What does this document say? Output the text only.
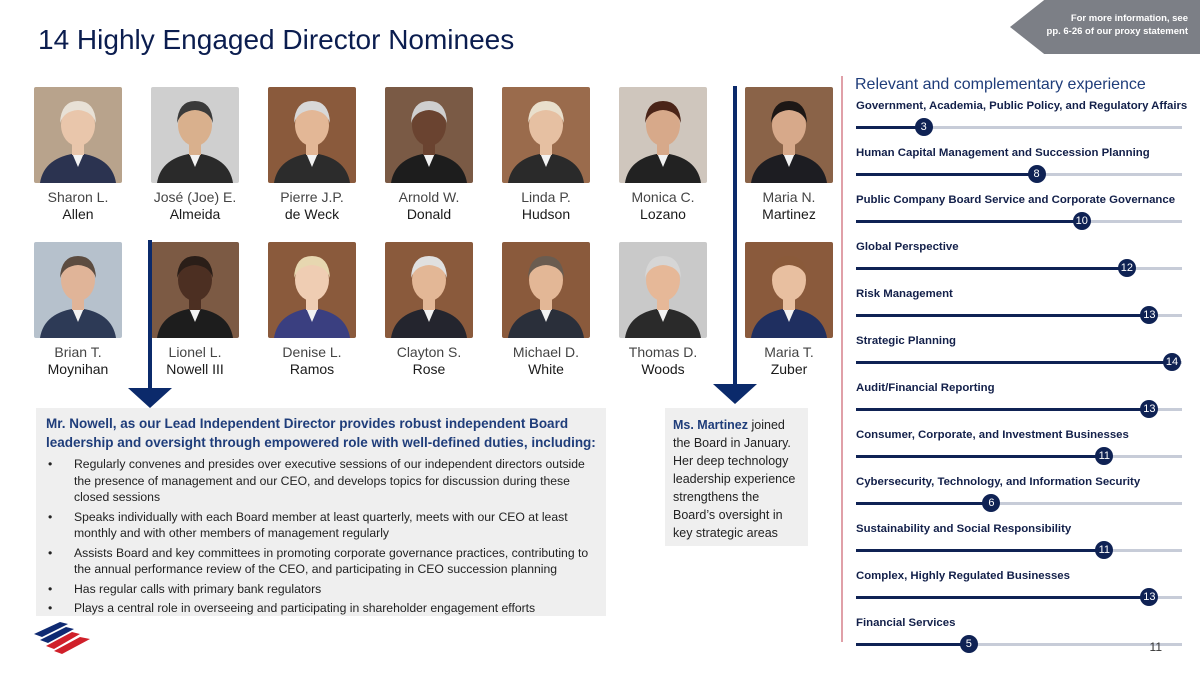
14 Highly Engaged Director Nominees
For more information, see
pp. 6-26 of our proxy statement
Sharon L.
Allen
José (Joe) E.
Almeida
Pierre J.P.
de Weck
Arnold W.
Donald
Linda P.
Hudson
Monica C.
Lozano
Maria N.
Martinez
Brian T.
Moynihan
Lionel L.
Nowell III
Denise L.
Ramos
Clayton S.
Rose
Michael D.
White
Thomas D.
Woods
Maria T.
Zuber

Mr. Nowell, as our Lead Independent Director provides robust independent Board leadership and oversight through empowered role with well-defined duties, including:

• Regularly convenes and presides over executive sessions of our independent directors outside the presence of management and our CEO, and develops topics for discussion during these closed sessions
• Speaks individually with each Board member at least quarterly, meets with our CEO at least monthly and with other members of management regularly
• Assists Board and key committees in promoting corporate governance practices, contributing to the annual performance review of the CEO, and participating in CEO succession planning
• Has regular calls with primary bank regulators
• Plays a central role in overseeing and participating in shareholder engagement efforts
Ms. Martinez joined the Board in January. Her deep technology leadership experience strengthens the Board’s oversight in key strategic areas
Relevant and complementary experience
Government, Academia, Public Policy, and Regulatory Affairs
3
Human Capital Management and Succession Planning
8
Public Company Board Service and Corporate Governance
10
Global Perspective
12
Risk Management
13
Strategic Planning
14
Audit/Financial Reporting
13
Consumer, Corporate, and Investment Businesses
11
Cybersecurity, Technology, and Information Security
6
Sustainability and Social Responsibility
11
Complex, Highly Regulated Businesses
13
Financial Services
5	11
